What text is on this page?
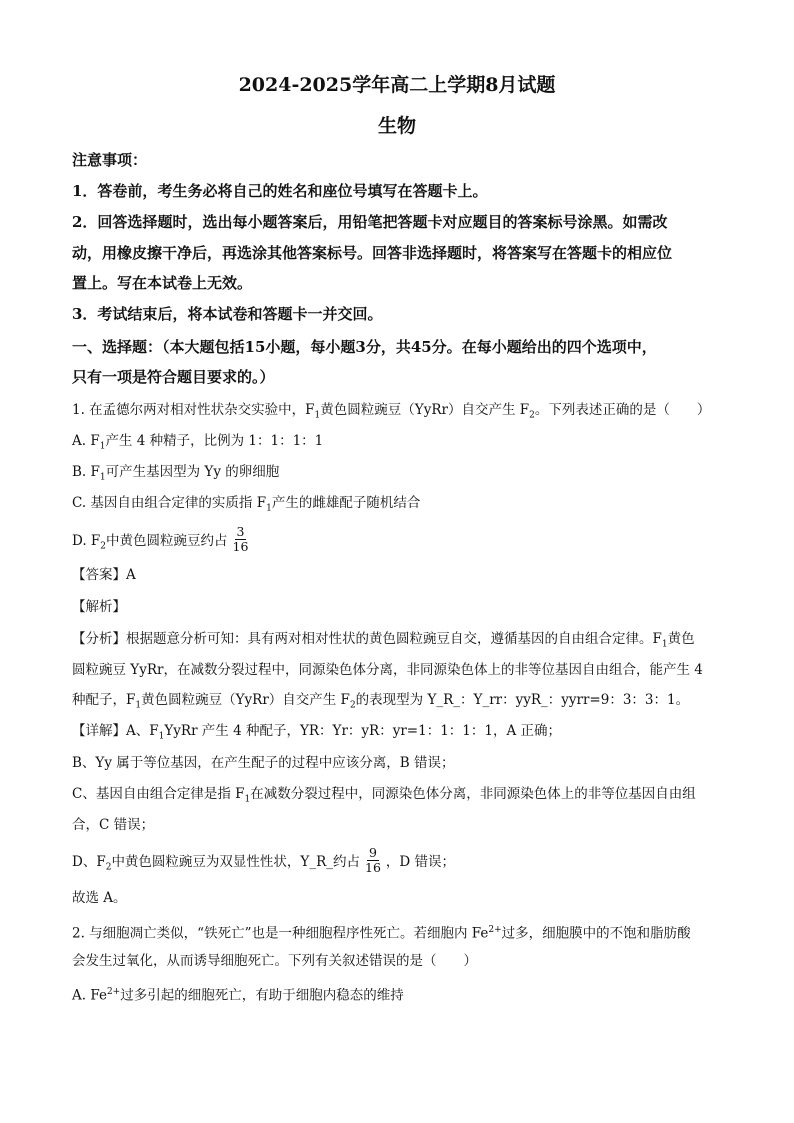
2024-2025学年高二上学期8月试题
生物
注意事项：
1．答卷前，考生务必将自己的姓名和座位号填写在答题卡上。
2．回答选择题时，选出每小题答案后，用铅笔把答题卡对应题目的答案标号涂黑。如需改
动，用橡皮擦干净后，再选涂其他答案标号。回答非选择题时，将答案写在答题卡的相应位
置上。写在本试卷上无效。
3．考试结束后，将本试卷和答题卡一并交回。
一、选择题：（本大题包括15小题，每小题3分，共45分。在每小题给出的四个选项中，
只有一项是符合题目要求的。）
1. 在孟德尔两对相对性状杂交实验中，$F_1$黄色圆粒豌豆（YyRr）自交产生 $F_2$。下列表述正确的是（　　）
A. $F_1$产生 4 种精子，比例为 1：1：1：1
B. $F_1$可产生基因型为 Yy 的卵细胞
C. 基因自由组合定律的实质指 $F_1$产生的雌雄配子随机结合
D. $F_2$中黄色圆粒豌豆约占 $\frac{3}{16}$
【答案】A
【解析】
【分析】根据题意分析可知：具有两对相对性状的黄色圆粒豌豆自交，遵循基因的自由组合定律。$F_1$黄色
圆粒豌豆 YyRr，在减数分裂过程中，同源染色体分离，非同源染色体上的非等位基因自由组合，能产生 4
种配子，$F_1$黄色圆粒豌豆（YyRr）自交产生 $F_2$的表现型为 Y_R_：Y_rr：yyR_：yyrr=9：3：3：1。
【详解】A、$F_1YyRr$ 产生 4 种配子，YR：Yr：yR：yr=1：1：1：1，A 正确；
B、Yy 属于等位基因，在产生配子的过程中应该分离，B 错误；
C、基因自由组合定律是指 $F_1$在减数分裂过程中，同源染色体分离，非同源染色体上的非等位基因自由组
合，C 错误；
D、$F_2$中黄色圆粒豌豆为双显性性状，Y_R_约占 $\frac{9}{16}$ ，D 错误；
故选 A。
2. 与细胞凋亡类似，“铁死亡”也是一种细胞程序性死亡。若细胞内 $Fe^{2+}$过多，细胞膜中的不饱和脂肪酸
会发生过氧化，从而诱导细胞死亡。下列有关叙述错误的是（　　）
A. $Fe^{2+}$过多引起的细胞死亡，有助于细胞内稳态的维持
